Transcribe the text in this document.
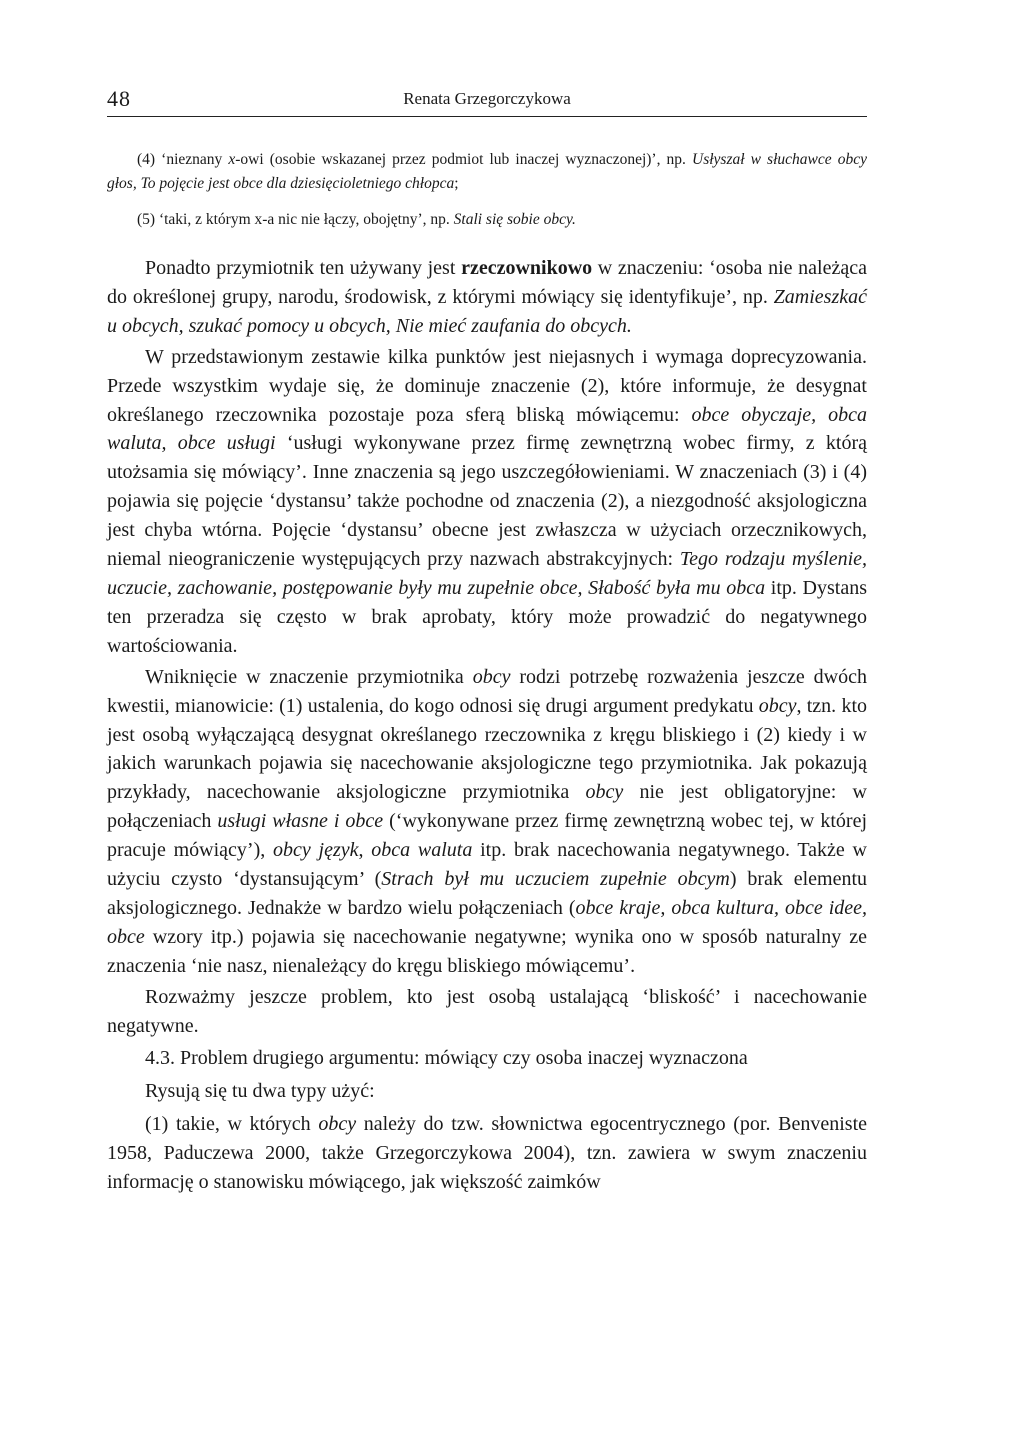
48	Renata Grzegorczykowa

(4) ‘nieznany x-owi (osobie wskazanej przez podmiot lub inaczej wyznaczonej)’, np. Usłyszał w słuchawce obcy głos, To pojęcie jest obce dla dziesięcioletniego chłopca;

(5) ‘taki, z którym x-a nic nie łączy, obojętny’, np. Stali się sobie obcy.

Ponadto przymiotnik ten używany jest rzeczownikowo w znaczeniu: ‘osoba nie należąca do określonej grupy, narodu, środowisk, z którymi mówiący się identyfikuje’, np. Zamieszkać u obcych, szukać pomocy u obcych, Nie mieć zaufania do obcych.

W przedstawionym zestawie kilka punktów jest niejasnych i wymaga doprecyzowania. Przede wszystkim wydaje się, że dominuje znaczenie (2), które informuje, że desygnat określanego rzeczownika pozostaje poza sferą bliską mówiącemu: obce obyczaje, obca waluta, obce usługi ‘usługi wykonywane przez firmę zewnętrzną wobec firmy, z którą utożsamia się mówiący’. Inne znaczenia są jego uszczegółowieniami. W znaczeniach (3) i (4) pojawia się pojęcie ‘dystansu’ także pochodne od znaczenia (2), a niezgodność aksjologiczna jest chyba wtórna. Pojęcie ‘dystansu’ obecne jest zwłaszcza w użyciach orzecznikowych, niemal nieograniczenie występujących przy nazwach abstrakcyjnych: Tego rodzaju myślenie, uczucie, zachowanie, postępowanie były mu zupełnie obce, Słabość była mu obca itp. Dystans ten przeradza się często w brak aprobaty, który może prowadzić do negatywnego wartościowania.

Wniknięcie w znaczenie przymiotnika obcy rodzi potrzebę rozważenia jeszcze dwóch kwestii, mianowicie: (1) ustalenia, do kogo odnosi się drugi argument predykatu obcy, tzn. kto jest osobą wyłączającą desygnat określanego rzeczownika z kręgu bliskiego i (2) kiedy i w jakich warunkach pojawia się nacechowanie aksjologiczne tego przymiotnika. Jak pokazują przykłady, nacechowanie aksjologiczne przymiotnika obcy nie jest obligatoryjne: w połączeniach usługi własne i obce (‘wykonywane przez firmę zewnętrzną wobec tej, w której pracuje mówiący’), obcy język, obca waluta itp. brak nacechowania negatywnego. Także w użyciu czysto ‘dystansującym’ (Strach był mu uczuciem zupełnie obcym) brak elementu aksjologicznego. Jednakże w bardzo wielu połączeniach (obce kraje, obca kultura, obce idee, obce wzory itp.) pojawia się nacechowanie negatywne; wynika ono w sposób naturalny ze znaczenia ‘nie nasz, nienależący do kręgu bliskiego mówiącemu’.

Rozważmy jeszcze problem, kto jest osobą ustalającą ‘bliskość’ i nacechowanie negatywne.

4.3. Problem drugiego argumentu: mówiący czy osoba inaczej wyznaczona

Rysują się tu dwa typy użyć:

(1) takie, w których obcy należy do tzw. słownictwa egocentrycznego (por. Benveniste 1958, Paduczewa 2000, także Grzegorczykowa 2004), tzn. zawiera w swym znaczeniu informację o stanowisku mówiącego, jak większość zaimków
